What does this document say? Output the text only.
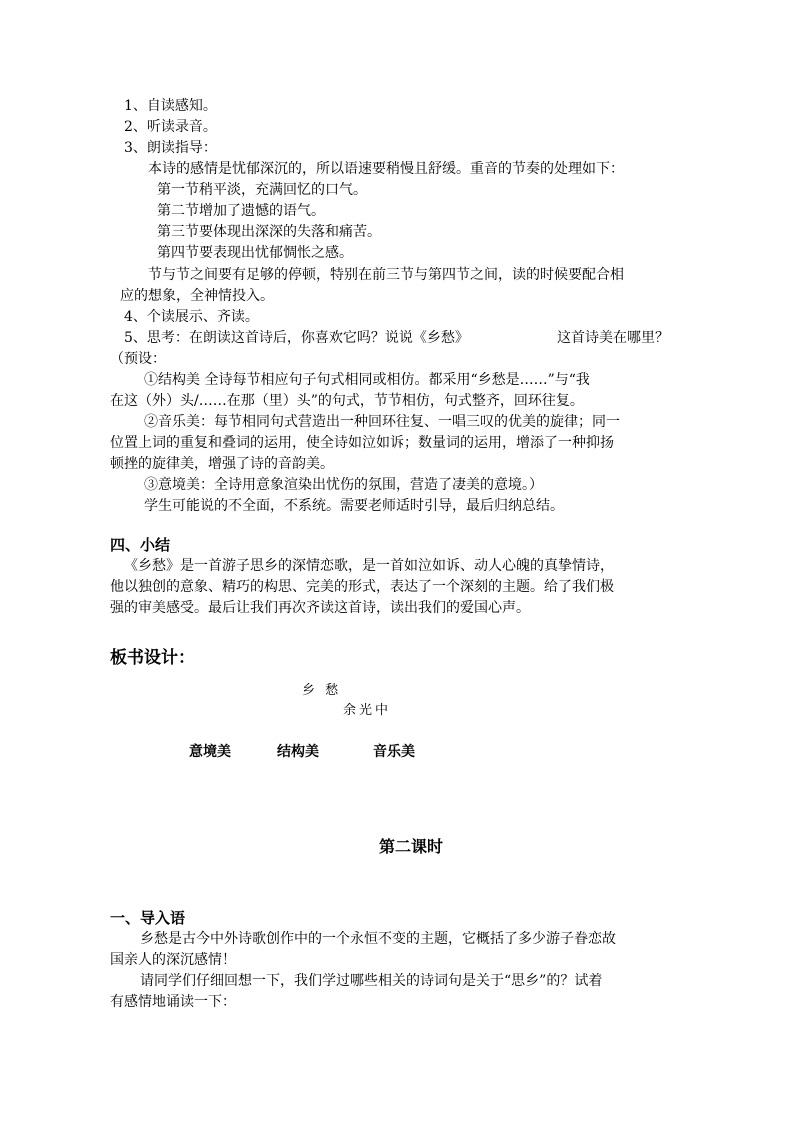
1、自读感知。
2、听读录音。
3、朗读指导：
本诗的感情是忧郁深沉的，所以语速要稍慢且舒缓。重音的节奏的处理如下：
第一节稍平淡，充满回忆的口气。
第二节增加了遗憾的语气。
第三节要体现出深深的失落和痛苦。
第四节要表现出忧郁惆怅之感。
节与节之间要有足够的停顿，特别在前三节与第四节之间，读的时候要配合相
应的想象，全神情投入。
4、个读展示、齐读。
5、思考：在朗读这首诗后，你喜欢它吗？说说《乡愁》	这首诗美在哪里？
（预设：
①结构美 全诗每节相应句子句式相同或相仿。都采用“乡愁是……”与“我
在这（外）头/……在那（里）头”的句式，节节相仿，句式整齐，回环往复。
②音乐美：每节相同句式营造出一种回环往复、一唱三叹的优美的旋律；同一
位置上词的重复和叠词的运用，使全诗如泣如诉；数量词的运用，增添了一种抑扬
顿挫的旋律美，增强了诗的音韵美。
③意境美：全诗用意象渲染出忧伤的氛围，营造了凄美的意境。）
学生可能说的不全面，不系统。需要老师适时引导，最后归纳总结。
四、小结
《乡愁》是一首游子思乡的深情恋歌，是一首如泣如诉、动人心魄的真挚情诗，
他以独创的意象、精巧的构思、完美的形式，表达了一个深刻的主题。给了我们极
强的审美感受。最后让我们再次齐读这首诗，读出我们的爱国心声。
板书设计：
乡 愁
余光中
意境美	结构美	音乐美
第二课时
一、导入语
乡愁是古今中外诗歌创作中的一个永恒不变的主题，它概括了多少游子眷恋故
国亲人的深沉感情！
请同学们仔细回想一下，我们学过哪些相关的诗词句是关于“思乡”的？试着
有感情地诵读一下：
